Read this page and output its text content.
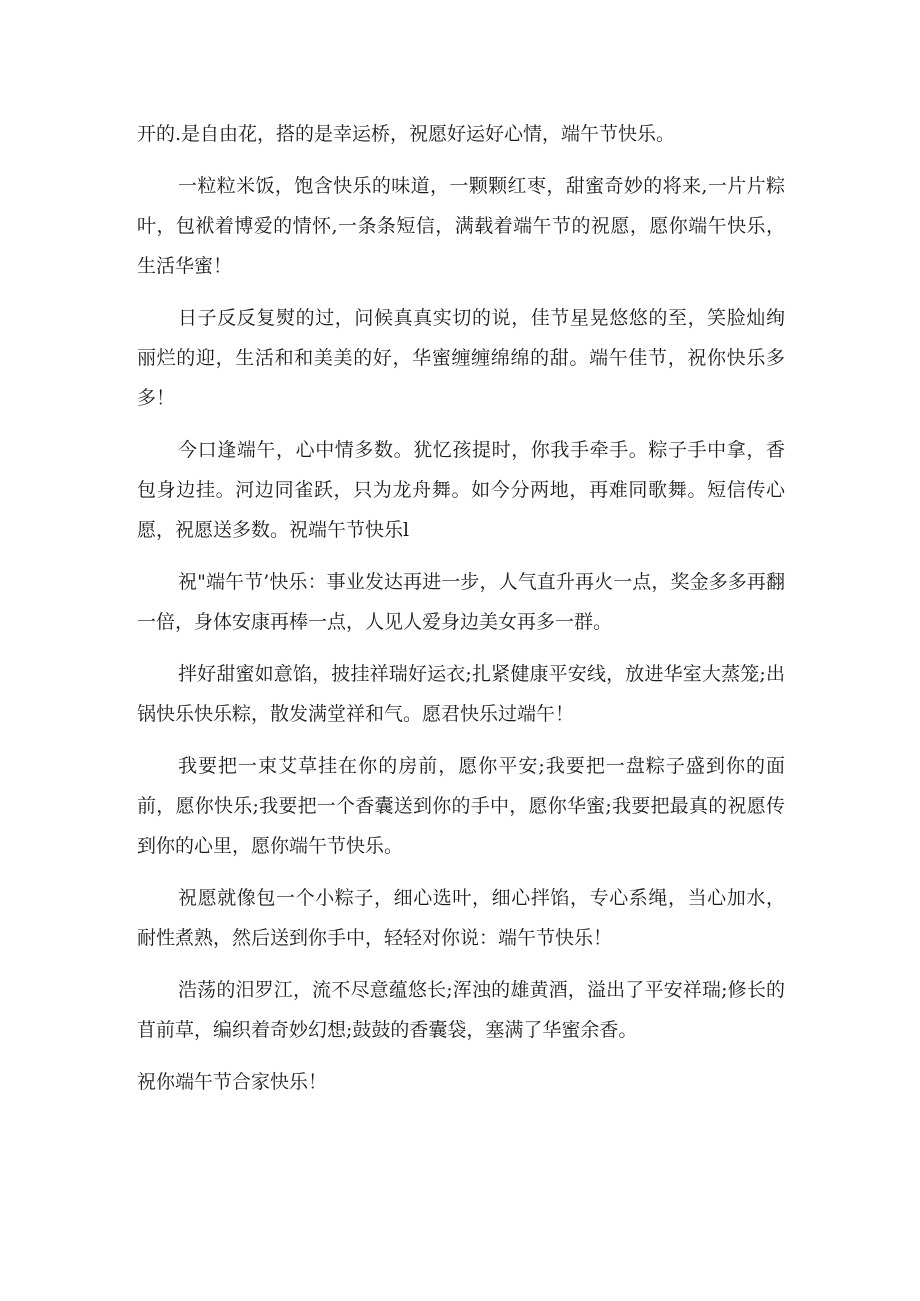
开的.是自由花，搭的是幸运桥，祝愿好运好心情，端午节快乐。

一粒粒米饭，饱含快乐的味道，一颗颗红枣，甜蜜奇妙的将来,一片片粽叶，包袱着博爱的情怀,一条条短信，满载着端午节的祝愿，愿你端午快乐，生活华蜜！

日子反反复熨的过，问候真真实切的说，佳节星晃悠悠的至，笑脸灿绚丽烂的迎，生活和和美美的好，华蜜缠缠绵绵的甜。端午佳节，祝你快乐多多！

今口逢端午，心中情多数。犹忆孩提时，你我手牵手。粽子手中拿，香包身边挂。河边同雀跃，只为龙舟舞。如今分两地，再难同歌舞。短信传心愿，祝愿送多数。祝端午节快乐l

祝"端午节’快乐：事业发达再进一步，人气直升再火一点，奖金多多再翻一倍，身体安康再棒一点，人见人爱身边美女再多一群。

拌好甜蜜如意馅，披挂祥瑞好运衣;扎紧健康平安线，放进华室大蒸笼;出锅快乐快乐粽，散发满堂祥和气。愿君快乐过端午！

我要把一束艾草挂在你的房前，愿你平安;我要把一盘粽子盛到你的面前，愿你快乐;我要把一个香囊送到你的手中，愿你华蜜;我要把最真的祝愿传到你的心里，愿你端午节快乐。

祝愿就像包一个小粽子，细心选叶，细心拌馅，专心系绳，当心加水，耐性煮熟，然后送到你手中，轻轻对你说：端午节快乐！

浩荡的汨罗江，流不尽意蕴悠长;浑浊的雄黄酒，溢出了平安祥瑞;修长的苜前草，编织着奇妙幻想;鼓鼓的香囊袋，塞满了华蜜余香。

祝你端午节合家快乐！
